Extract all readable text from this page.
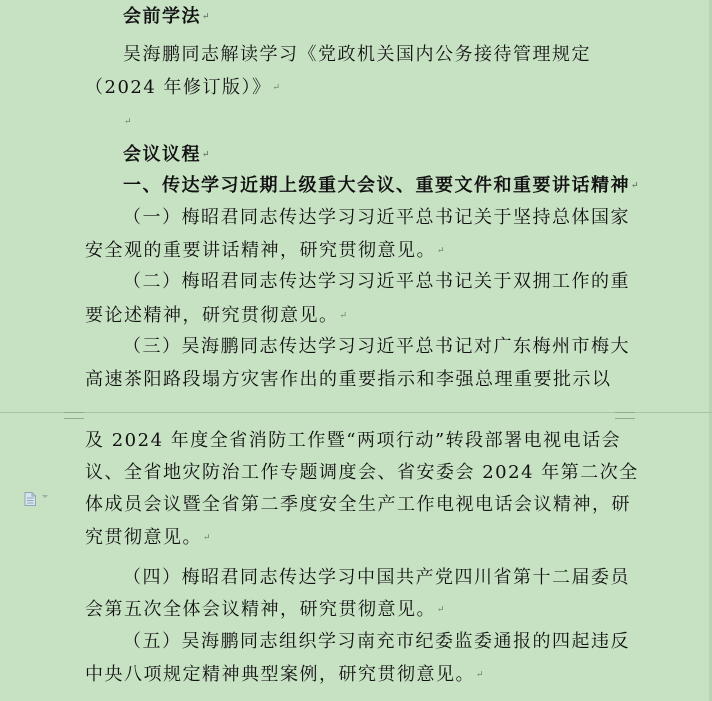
会前学法↵
吴海鹏同志解读学习《党政机关国内公务接待管理规定
（2024 年修订版）》↵
↵
会议议程↵
一、传达学习近期上级重大会议、重要文件和重要讲话精神↵
（一）梅昭君同志传达学习习近平总书记关于坚持总体国家
安全观的重要讲话精神，研究贯彻意见。↵
（二）梅昭君同志传达学习习近平总书记关于双拥工作的重
要论述精神，研究贯彻意见。↵
（三）吴海鹏同志传达学习习近平总书记对广东梅州市梅大
高速茶阳路段塌方灾害作出的重要指示和李强总理重要批示以
及 2024 年度全省消防工作暨“两项行动”转段部署电视电话会
议、全省地灾防治工作专题调度会、省安委会 2024 年第二次全
体成员会议暨全省第二季度安全生产工作电视电话会议精神，研
究贯彻意见。↵
（四）梅昭君同志传达学习中国共产党四川省第十二届委员
会第五次全体会议精神，研究贯彻意见。↵
（五）吴海鹏同志组织学习南充市纪委监委通报的四起违反
中央八项规定精神典型案例，研究贯彻意见。↵
